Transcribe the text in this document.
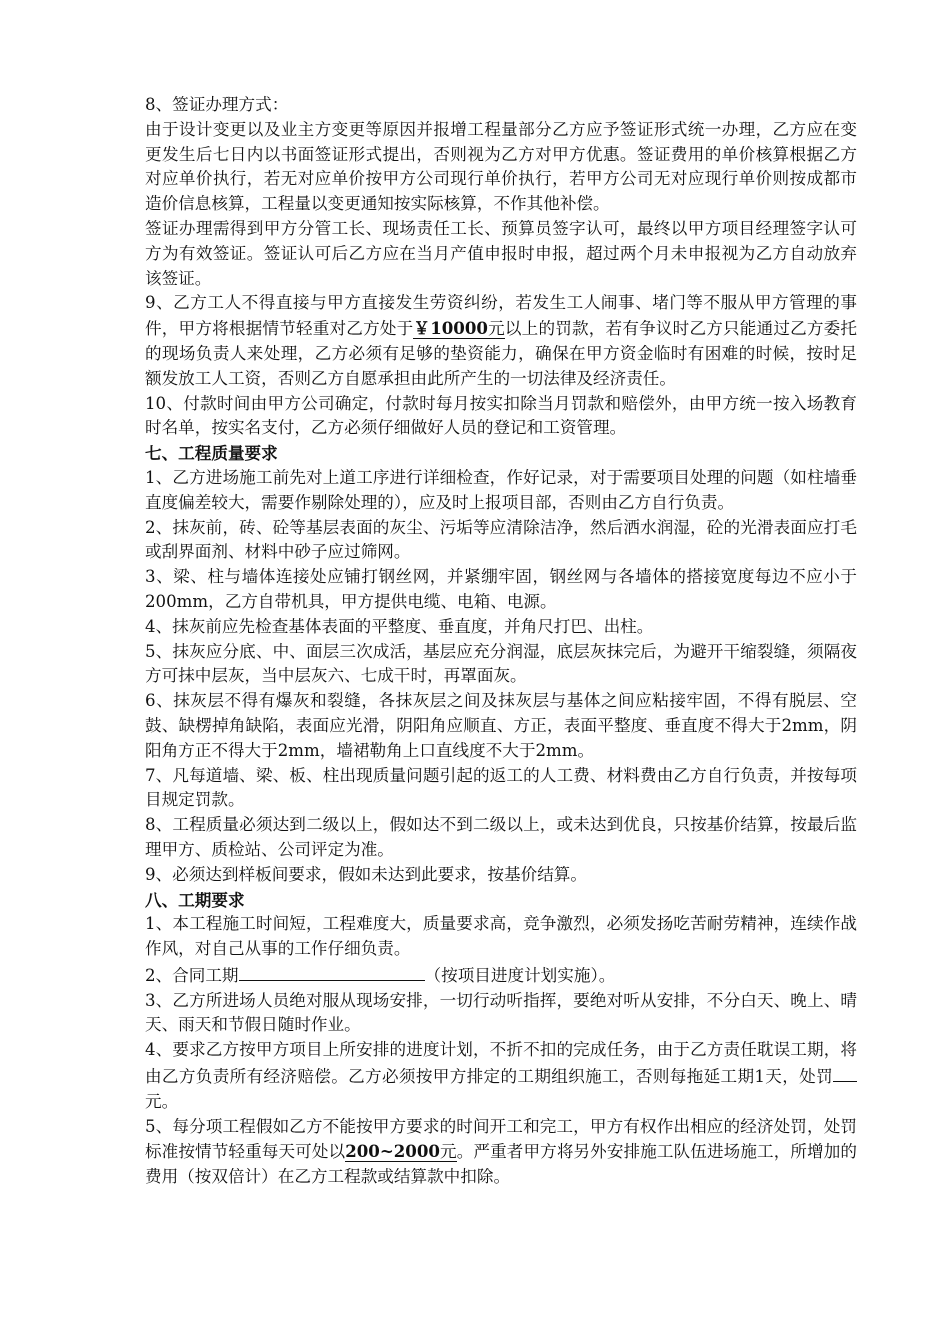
8、签证办理方式：

由于设计变更以及业主方变更等原因并报增工程量部分乙方应予签证形式统一办理，乙方应在变更发生后七日内以书面签证形式提出，否则视为乙方对甲方优惠。签证费用的单价核算根据乙方对应单价执行，若无对应单价按甲方公司现行单价执行，若甲方公司无对应现行单价则按成都市造价信息核算，工程量以变更通知按实际核算，不作其他补偿。

签证办理需得到甲方分管工长、现场责任工长、预算员签字认可，最终以甲方项目经理签字认可方为有效签证。签证认可后乙方应在当月产值申报时申报，超过两个月未申报视为乙方自动放弃该签证。

9、乙方工人不得直接与甲方直接发生劳资纠纷，若发生工人闹事、堵门等不服从甲方管理的事件，甲方将根据情节轻重对乙方处于￥10000元以上的罚款，若有争议时乙方只能通过乙方委托的现场负责人来处理，乙方必须有足够的垫资能力，确保在甲方资金临时有困难的时候，按时足额发放工人工资，否则乙方自愿承担由此所产生的一切法律及经济责任。

10、付款时间由甲方公司确定，付款时每月按实扣除当月罚款和赔偿外，由甲方统一按入场教育时名单，按实名支付，乙方必须仔细做好人员的登记和工资管理。

七、工程质量要求

1、乙方进场施工前先对上道工序进行详细检查，作好记录，对于需要项目处理的问题（如柱墙垂直度偏差较大，需要作剔除处理的），应及时上报项目部，否则由乙方自行负责。

2、抹灰前，砖、砼等基层表面的灰尘、污垢等应清除洁净，然后洒水润湿，砼的光滑表面应打毛或刮界面剂、材料中砂子应过筛网。

3、梁、柱与墙体连接处应铺打钢丝网，并紧绷牢固，钢丝网与各墙体的搭接宽度每边不应小于200mm，乙方自带机具，甲方提供电缆、电箱、电源。

4、抹灰前应先检查基体表面的平整度、垂直度，并角尺打巴、出柱。

5、抹灰应分底、中、面层三次成活，基层应充分润湿，底层灰抹完后，为避开干缩裂缝，须隔夜方可抹中层灰，当中层灰六、七成干时，再罩面灰。

6、抹灰层不得有爆灰和裂缝，各抹灰层之间及抹灰层与基体之间应粘接牢固，不得有脱层、空鼓、缺楞掉角缺陷，表面应光滑，阴阳角应顺直、方正，表面平整度、垂直度不得大于2mm，阴阳角方正不得大于2mm，墙裙勒角上口直线度不大于2mm。

7、凡每道墙、梁、板、柱出现质量问题引起的返工的人工费、材料费由乙方自行负责，并按每项目规定罚款。

8、工程质量必须达到二级以上，假如达不到二级以上，或未达到优良，只按基价结算，按最后监理甲方、质检站、公司评定为准。

9、必须达到样板间要求，假如未达到此要求，按基价结算。

八、工期要求

1、本工程施工时间短，工程难度大，质量要求高，竞争激烈，必须发扬吃苦耐劳精神，连续作战作风，对自己从事的工作仔细负责。

2、合同工期	（按项目进度计划实施）。

3、乙方所进场人员绝对服从现场安排，一切行动听指挥，要绝对听从安排，不分白天、晚上、晴天、雨天和节假日随时作业。

4、要求乙方按甲方项目上所安排的进度计划，不折不扣的完成任务，由于乙方责任耽误工期，将由乙方负责所有经济赔偿。乙方必须按甲方排定的工期组织施工，否则每拖延工期1天，处罚元。

5、每分项工程假如乙方不能按甲方要求的时间开工和完工，甲方有权作出相应的经济处罚，处罚标准按情节轻重每天可处以200~2000元。严重者甲方将另外安排施工队伍进场施工，所增加的费用（按双倍计）在乙方工程款或结算款中扣除。
